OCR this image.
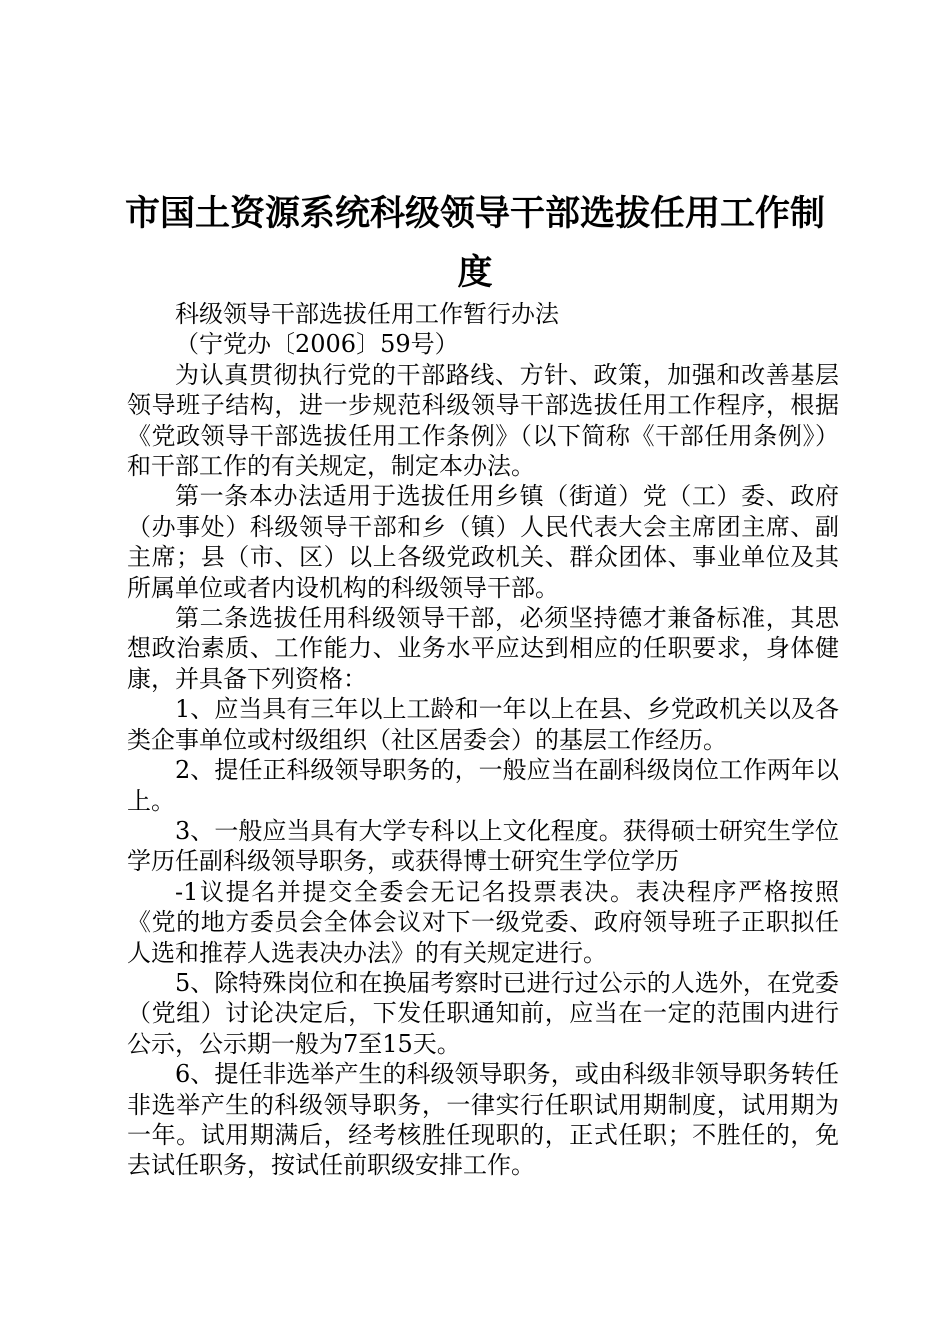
市国土资源系统科级领导干部选拔任用工作制
度

科级领导干部选拔任用工作暂行办法

（宁党办〔2006〕59号）

为认真贯彻执行党的干部路线、方针、政策，加强和改善基层领导班子结构，进一步规范科级领导干部选拔任用工作程序，根据《党政领导干部选拔任用工作条例》（以下简称《干部任用条例》）和干部工作的有关规定，制定本办法。

第一条本办法适用于选拔任用乡镇（街道）党（工）委、政府（办事处）科级领导干部和乡（镇）人民代表大会主席团主席、副主席；县（市、区）以上各级党政机关、群众团体、事业单位及其所属单位或者内设机构的科级领导干部。

第二条选拔任用科级领导干部，必须坚持德才兼备标准，其思想政治素质、工作能力、业务水平应达到相应的任职要求，身体健康，并具备下列资格：

1、应当具有三年以上工龄和一年以上在县、乡党政机关以及各类企事单位或村级组织（社区居委会）的基层工作经历。

2、提任正科级领导职务的，一般应当在副科级岗位工作两年以上。

3、一般应当具有大学专科以上文化程度。获得硕士研究生学位学历任副科级领导职务，或获得博士研究生学位学历

-1议提名并提交全委会无记名投票表决。表决程序严格按照《党的地方委员会全体会议对下一级党委、政府领导班子正职拟任人选和推荐人选表决办法》的有关规定进行。

5、除特殊岗位和在换届考察时已进行过公示的人选外，在党委（党组）讨论决定后，下发任职通知前，应当在一定的范围内进行公示，公示期一般为7至15天。

6、提任非选举产生的科级领导职务，或由科级非领导职务转任非选举产生的科级领导职务，一律实行任职试用期制度，试用期为一年。试用期满后，经考核胜任现职的，正式任职；不胜任的，免去试任职务，按试任前职级安排工作。
